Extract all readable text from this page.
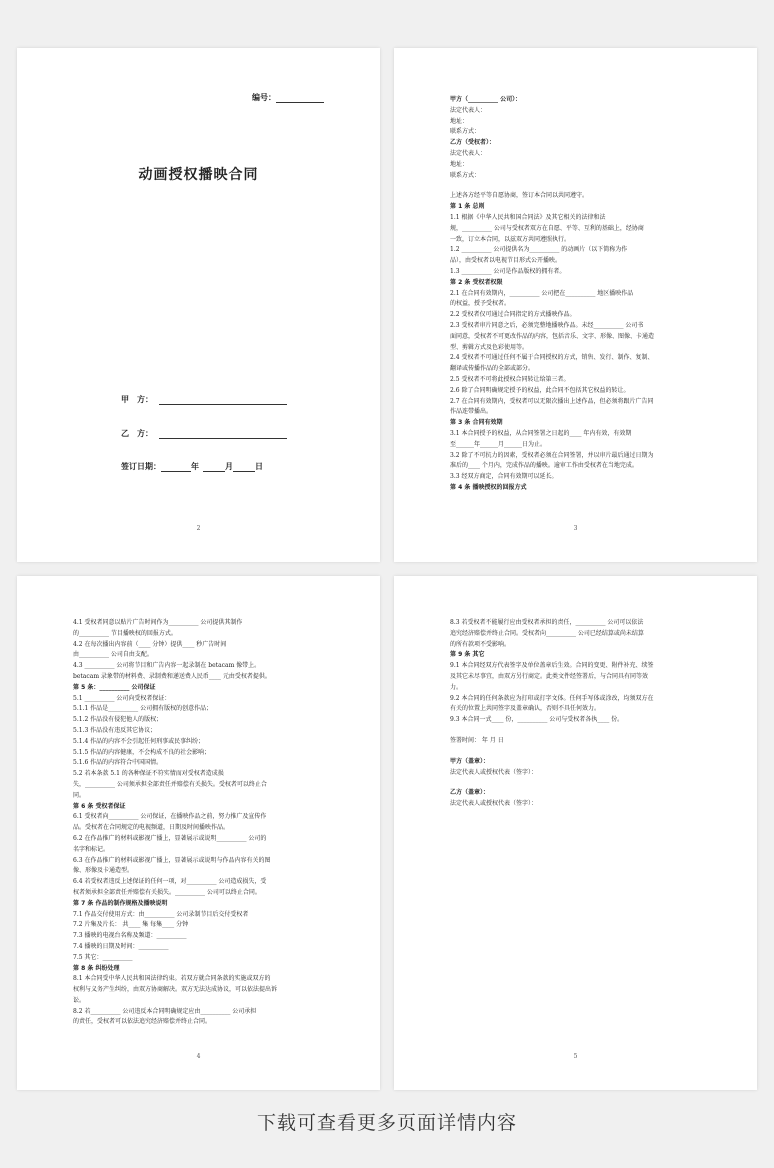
编号：
动画授权播映合同
甲　方：
乙　方：
签订日期：	年	月	日
2
甲方（__________ 公司）：
法定代表人：
地址：
联系方式：
乙方（受权者）：
法定代表人：
地址：
联系方式：
上述各方经平等自愿协商，签订本合同以共同遵守。
第 1 条 总则
1.1 根据《中华人民共和国合同法》及其它相关的法律和法
规，__________ 公司与受权者双方在自愿、平等、互利的基础上，经协商
一致，订立本合同，以兹双方共同遵照执行。
1.2 __________ 公司提供名为__________ 的动画片（以下简称为作
品），由受权者以电视节目形式公开播映。
1.3 __________ 公司是作品版权的拥有者。
第 2 条 受权者权限
2.1 在合同有效期内，__________ 公司把在__________ 地区播映作品
的权益，授予受权者。
2.2 受权者仅可通过合同指定的方式播映作品。
2.3 受权者审片同意之后，必须完整地播映作品。未经__________ 公司书
面同意，受权者不可更改作品的内容，包括音乐、文字、形像、图像、卡通造
型、剪辑方式及色彩使用等。
2.4 受权者不可通过任何不属于合同授权的方式，销售、发行、制作、复制、
翻译或传播作品的全部或部分。
2.5 受权者不可将此授权合同转让给第三者。
2.6 除了合同明确规定授予的权益，此合同不包括其它权益的转让。
2.7 在合同有效期内，受权者可以无限次播出上述作品，但必须将跟片广告同
作品连带播出。
第 3 条 合同有效期
3.1 本合同授予的权益，从合同签署之日起的____ 年内有效，有效期
至______年______月______日为止。
3.2 除了不可抗力的因素，受权者必须在合同签署，并以审片最后通过日期为
准后的____ 个月内，完成作品的播映。逾审工作由受权者在当地完成。
3.3 经双方商定，合同有效期可以延长。
第 4 条 播映授权的回报方式
3
4.1 受权者同意以贴片广告时间作为__________ 公司提供其制作
的__________ 节目播映权的回报方式。
4.2 在每次播出内容前（____ 分钟）提供____ 秒广告时间
由__________ 公司自由支配。
4.3 __________ 公司将节目和广告内容一起录制在 betacam 像带上。
betacam 录象带的材料费、录制费和递送费人民币____ 元由受权者提供。
第 5 条：__________ 公司保证
5.1 __________ 公司向受权者保证：
5.1.1 作品是__________ 公司拥有版权的创意作品；
5.1.2 作品没有侵犯他人的版权；
5.1.3 作品没有违反其它协议；
5.1.4 作品的内容不会引起任何刑事或民事纠纷；
5.1.5 作品的内容健康，不会构成不良的社会影响；
5.1.6 作品的内容符合中国国情。
5.2 若本条款 5.1 的各种保证不符实情而对受权者造成损
失，__________ 公司须承担全部责任并赔偿有关损失。受权者可以终止合
同。
第 6 条 受权者保证
6.1 受权者向__________ 公司保证，在播映作品之前，努力推广及宣传作
品。受权者在合同规定的电视频道，日期及时间播映作品。
6.2 在作品推广的材料或影视广播上，显著展示或说明__________ 公司的
名字和标记。
6.3 在作品推广的材料或影视广播上，显著展示或说明与作品内容有关的图
像、形像及卡通造型。
6.4 若受权者违反上述保证的任何一项，对__________ 公司造成损失，受
权者须承担全部责任并赔偿有关损失。__________ 公司可以终止合同。
第 7 条 作品的制作规格及播映说明
7.1 作品交付使用方式：由__________ 公司录制节目后交付受权者
7.2 片集及片长： 共____ 集 每集____ 分钟
7.3 播映的电视台名称及频道：__________
7.4 播映的日期及时间：__________
7.5 其它：__________
第 8 条 纠纷处理
8.1 本合同受中华人民共和国法律约束。若双方就合同条款的实施或双方的
权利与义务产生纠纷，由双方协商解决。双方无法达成协议，可以依法提出诉
讼。
8.2 若__________ 公司违反本合同明确规定应由__________ 公司承担
的责任，受权者可以依法追究经济赔偿并终止合同。
4
8.3 若受权者不能履行应由受权者承担的责任，__________ 公司可以依法
追究经济赔偿并终止合同。受权者向__________ 公司已经结算或尚未结算
的所有款项不受影响。
第 9 条 其它
9.1 本合同经双方代表签字及单位盖章后生效。合同的变更、附件补充、续签
及其它未尽事宜，由双方另行商定。此类文件经签署后，与合同具有同等效
力。
9.2 本合同的任何条款应为打印或打字文体。任何手写体或涂改，均须双方在
有关的位置上共同签字及盖章确认，否则不具任何效力。
9.3 本合同一式____ 份，__________ 公司与受权者各执____ 份。
签署时间： 年 月 日
甲方（盖章）：
法定代表人或授权代表（签字）：
乙方（盖章）：
法定代表人或授权代表（签字）：
5
下载可查看更多页面详情内容
